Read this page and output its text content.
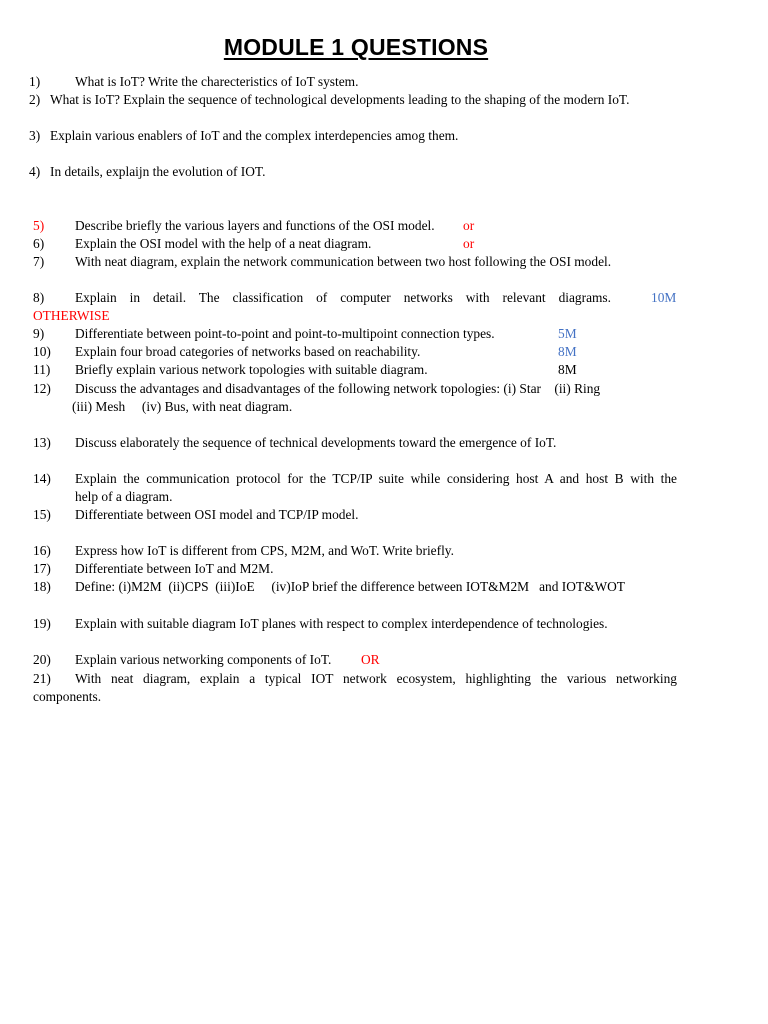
MODULE 1 QUESTIONS
1)	What is IoT? Write the charecteristics of IoT system.
2) What is IoT? Explain the sequence of technological developments leading to the shaping of the modern IoT.
3) Explain various enablers of IoT and the complex interdepencies amog them.
4) In details, explaijn the evolution of IOT.
5) Describe briefly the various layers and functions of the OSI model. or
6) Explain the OSI model with the help of a neat diagram.	or
7) With neat diagram, explain the network communication between two host following the OSI model.
8) Explain in detail. The classification of computer networks with relevant diagrams.	10M
OTHERWISE
9) Differentiate between point-to-point and point-to-multipoint connection types.	5M
10) Explain four broad categories of networks based on reachability.	8M
11) Briefly explain various network topologies with suitable diagram.	8M
12) Discuss the advantages and disadvantages of the following network topologies: (i) Star    (ii) Ring
(iii) Mesh     (iv) Bus, with neat diagram.
13) Discuss elaborately the sequence of technical developments toward the emergence of IoT.
14) Explain the communication protocol for the TCP/IP suite while considering host A and host B with the
help of a diagram.
15) Differentiate between OSI model and TCP/IP model.
16) Express how IoT is different from CPS, M2M, and WoT. Write briefly.
17) Differentiate between IoT and M2M.
18) Define: (i)M2M  (ii)CPS  (iii)IoE     (iv)IoP brief the difference between IOT&M2M   and IOT&WOT
19) Explain with suitable diagram IoT planes with respect to complex interdependence of technologies.
20) Explain various networking components of IoT. OR
21) With neat diagram, explain a typical IOT network ecosystem, highlighting the various networking
components.
